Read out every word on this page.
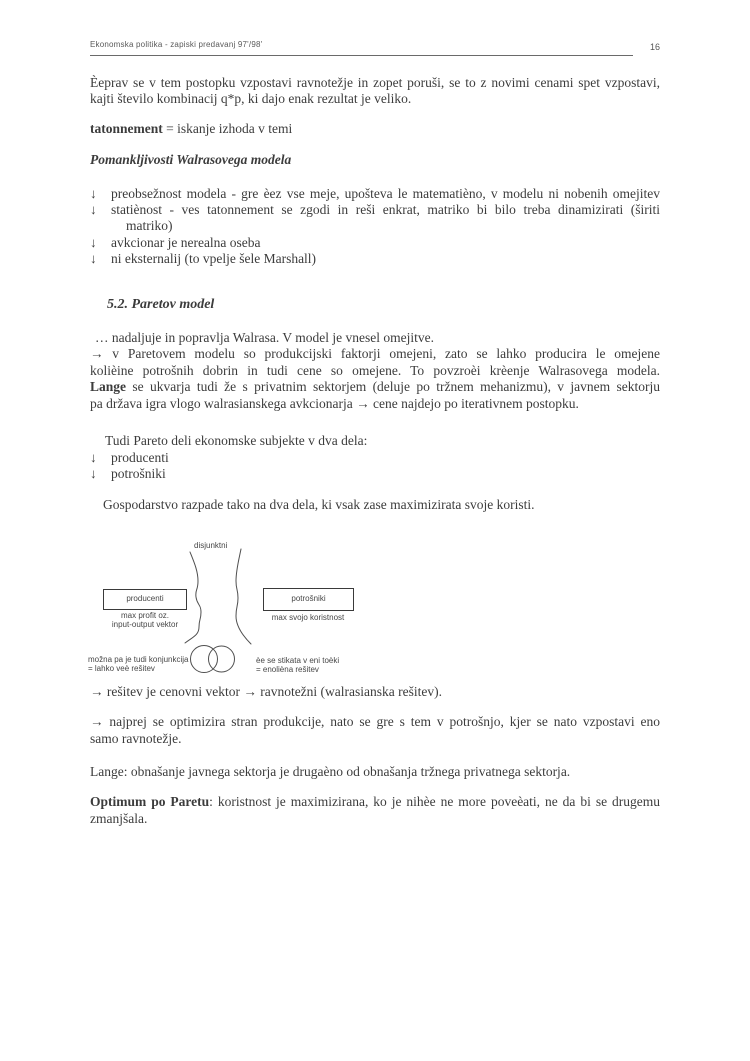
Ekonomska politika - zapiski predavanj 97'/98'	16
Èeprav se v tem postopku vzpostavi ravnotežje in zopet poruši, se to z novimi cenami spet vzpostavi,
kajti število kombinacij q*p, ki dajo enak rezultat je veliko.
tatonnement = iskanje izhoda v temi
Pomankljivosti Walrasovega modela
↓	preobsežnost modela - gre èez vse meje, upošteva le matematièno, v modelu ni nobenih omejitev
↓	statiènost - ves tatonnement se zgodi in reši enkrat, matriko bi bilo treba dinamizirati (širiti
matriko)
↓	avkcionar je nerealna oseba
↓	ni eksternalij (to vpelje šele Marshall)
5.2. Paretov model
… nadaljuje in popravlja Walrasa. V model je vnesel omejitve.
→ v Paretovem modelu so produkcijski faktorji omejeni, zato se lahko producira le omejene
kolièine potrošnih dobrin in tudi cene so omejene. To povzroèi krèenje Walrasovega modela.
Lange se ukvarja tudi že s privatnim sektorjem (deluje po tržnem mehanizmu), v javnem sektorju
pa država igra vlogo walrasianskega avkcionarja → cene najdejo po iterativnem postopku.
Tudi Pareto deli ekonomske subjekte v dva dela:
↓	producenti
↓	potrošniki
Gospodarstvo razpade tako na dva dela, ki vsak zase maximizirata svoje koristi.
disjunktni
producenti	potrošniki
max profit oz.
input-output vektor
max svojo koristnost
možna pa je tudi konjunkcija
= lahko veè rešitev
èe se stikata v eni toèki
= enolièna rešitev
→ rešitev je cenovni vektor → ravnotežni (walrasianska rešitev).
→ najprej se optimizira stran produkcije, nato se gre s tem v potrošnjo, kjer se nato vzpostavi eno
samo ravnotežje.
Lange: obnašanje javnega sektorja je drugaèno od obnašanja tržnega privatnega sektorja.
Optimum po Paretu: koristnost je maximizirana, ko je nihèe ne more poveèati, ne da bi se drugemu
zmanjšala.
